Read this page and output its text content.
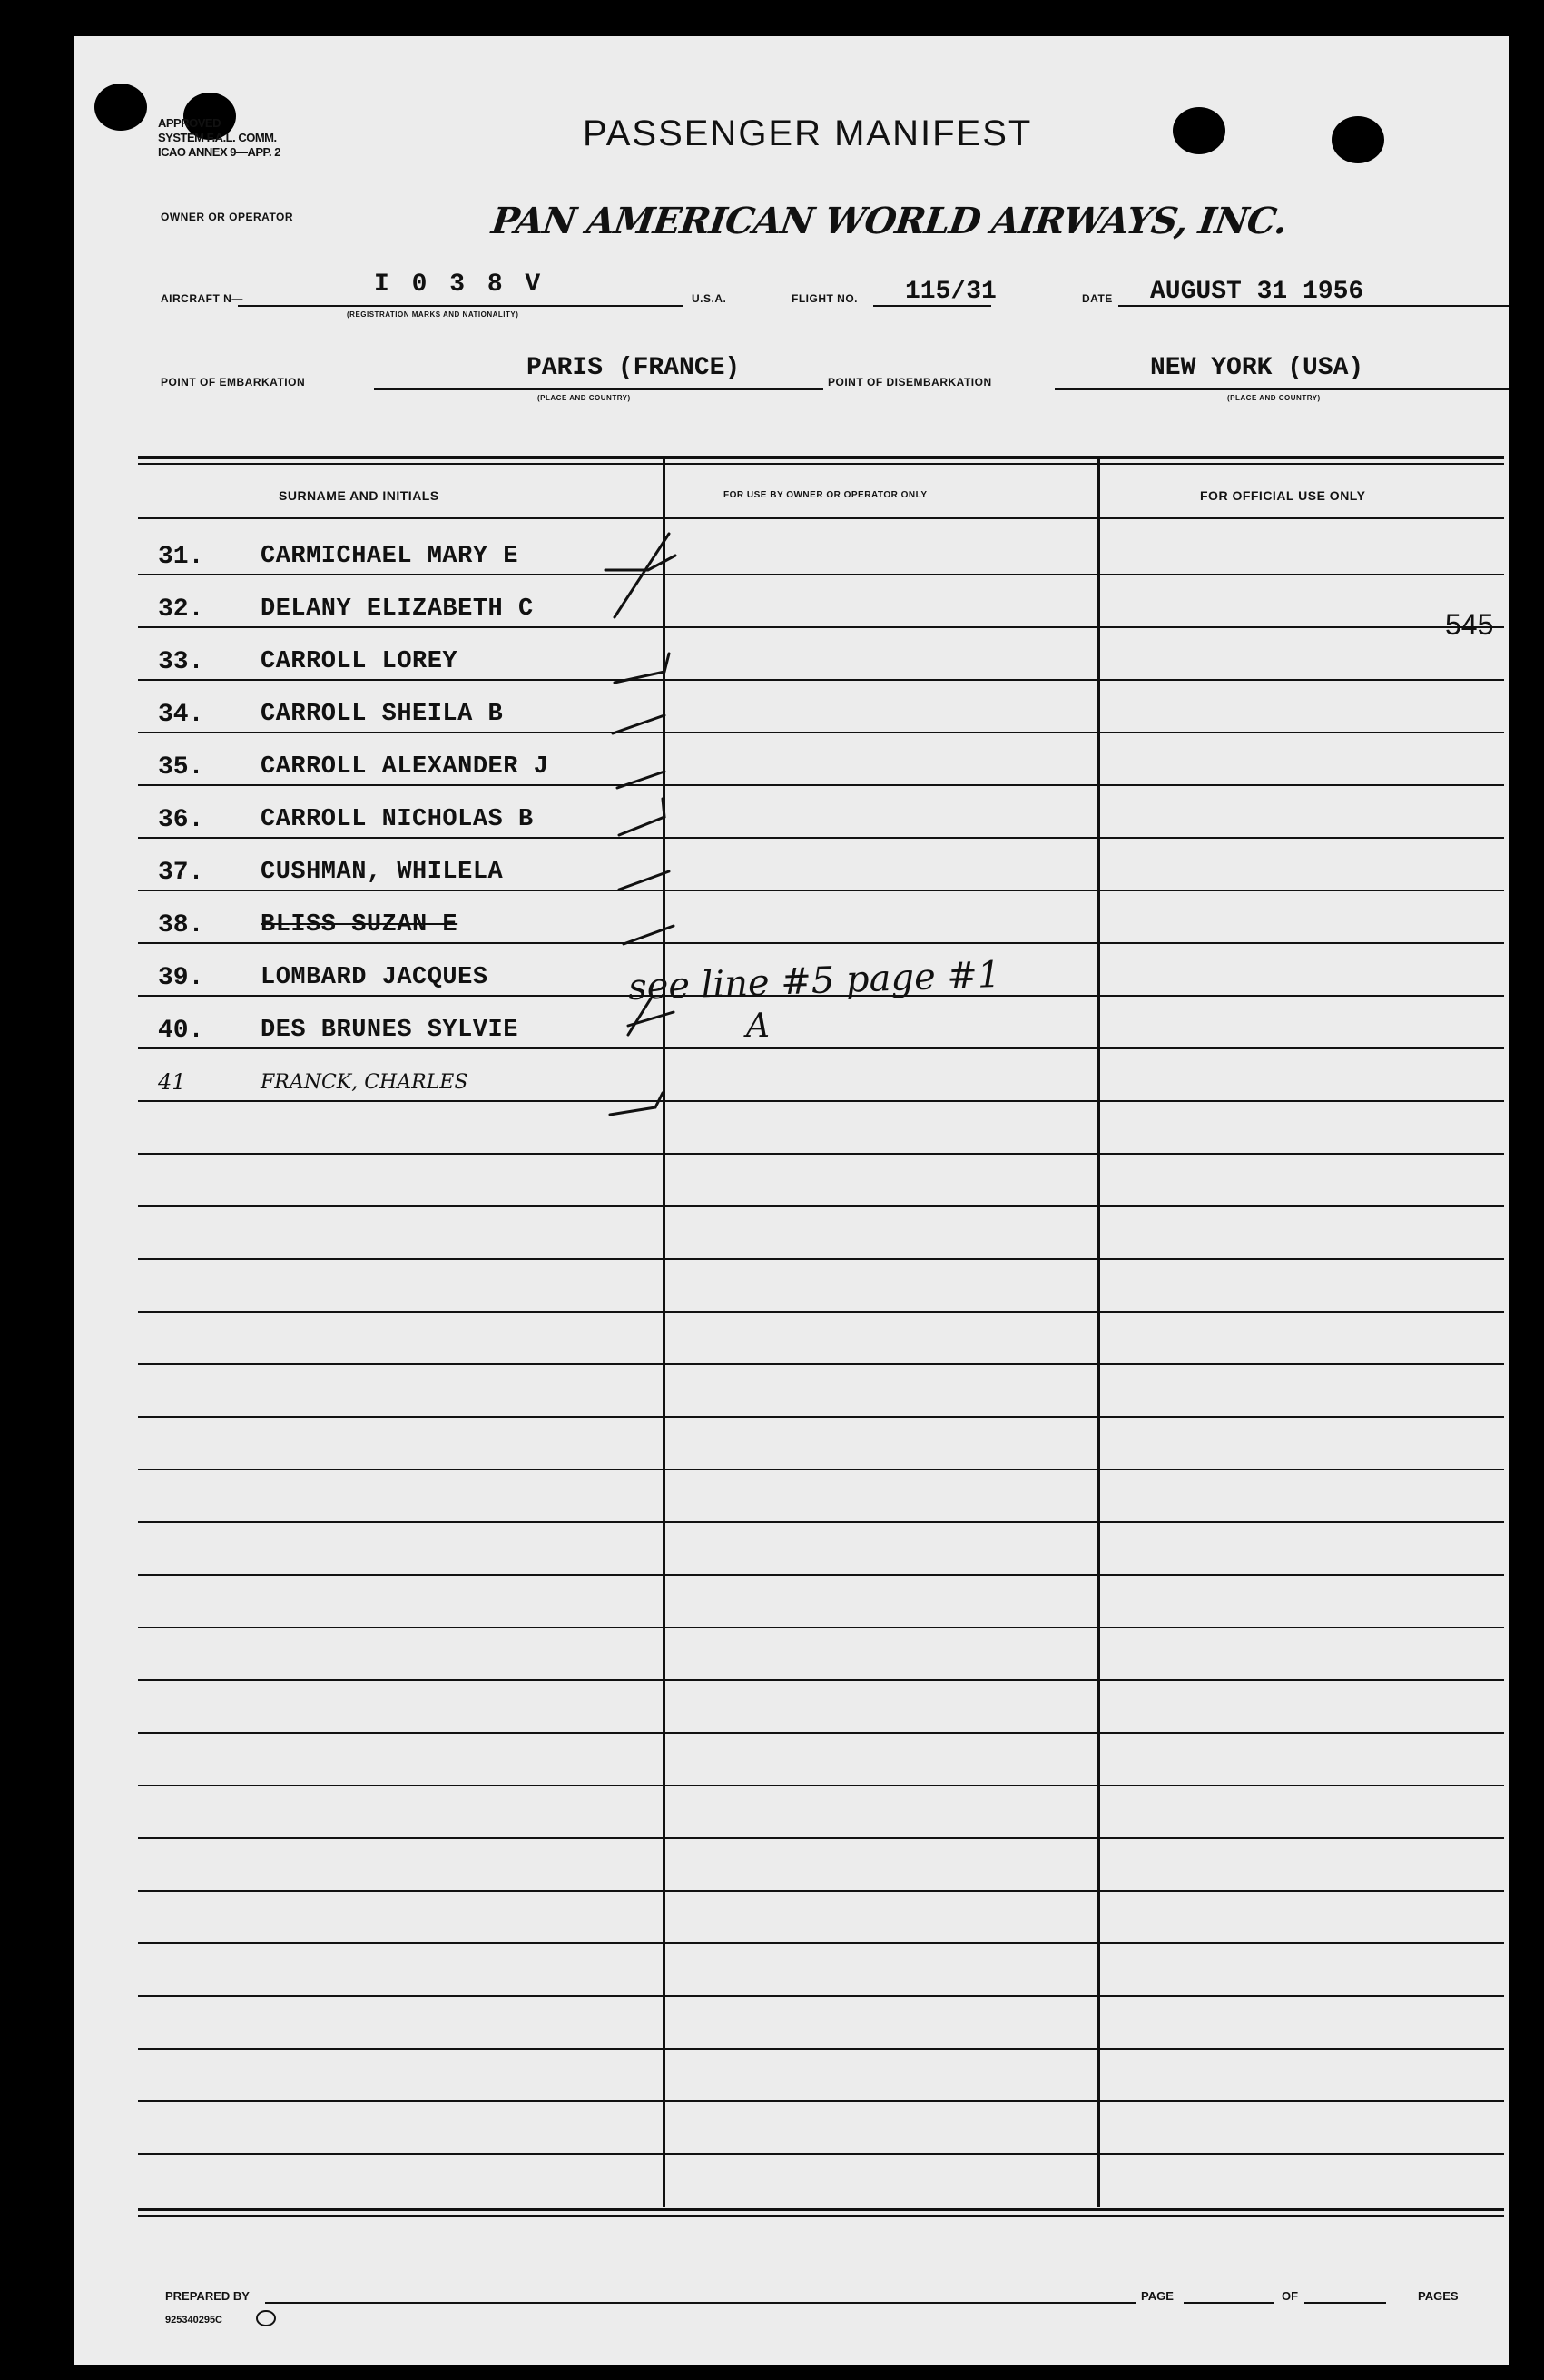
APPROVED
SYSTEM F.A.L. COMM.
ICAO ANNEX 9—APP. 2	PASSENGER MANIFEST
OWNER OR OPERATOR	PAN AMERICAN WORLD AIRWAYS, INC.
AIRCRAFT N—	I 0 3 8 V
(REGISTRATION MARKS AND NATIONALITY)
U.S.A.	FLIGHT NO. 115/31	DATE AUGUST 31 1956
POINT OF EMBARKATION	PARIS (FRANCE)
(PLACE AND COUNTRY)
POINT OF DISEMBARKATION	NEW YORK (USA)
(PLACE AND COUNTRY)
SURNAME AND INITIALS	FOR USE BY OWNER OR OPERATOR ONLY	FOR OFFICIAL USE ONLY
31. CARMICHAEL MARY E
32. DELANY ELIZABETH C
33. CARROLL LOREY
34. CARROLL SHEILA B
35. CARROLL ALEXANDER J
36. CARROLL NICHOLAS B
37. CUSHMAN, WHILELA
38. BLISS SUZAN E
39. LOMBARD JACQUES
40. DES BRUNES SYLVIE
41	FRANCK, CHARLES
see line #5 page #1
A
545
PREPARED BY	PAGE	OF	PAGES
925340295C
